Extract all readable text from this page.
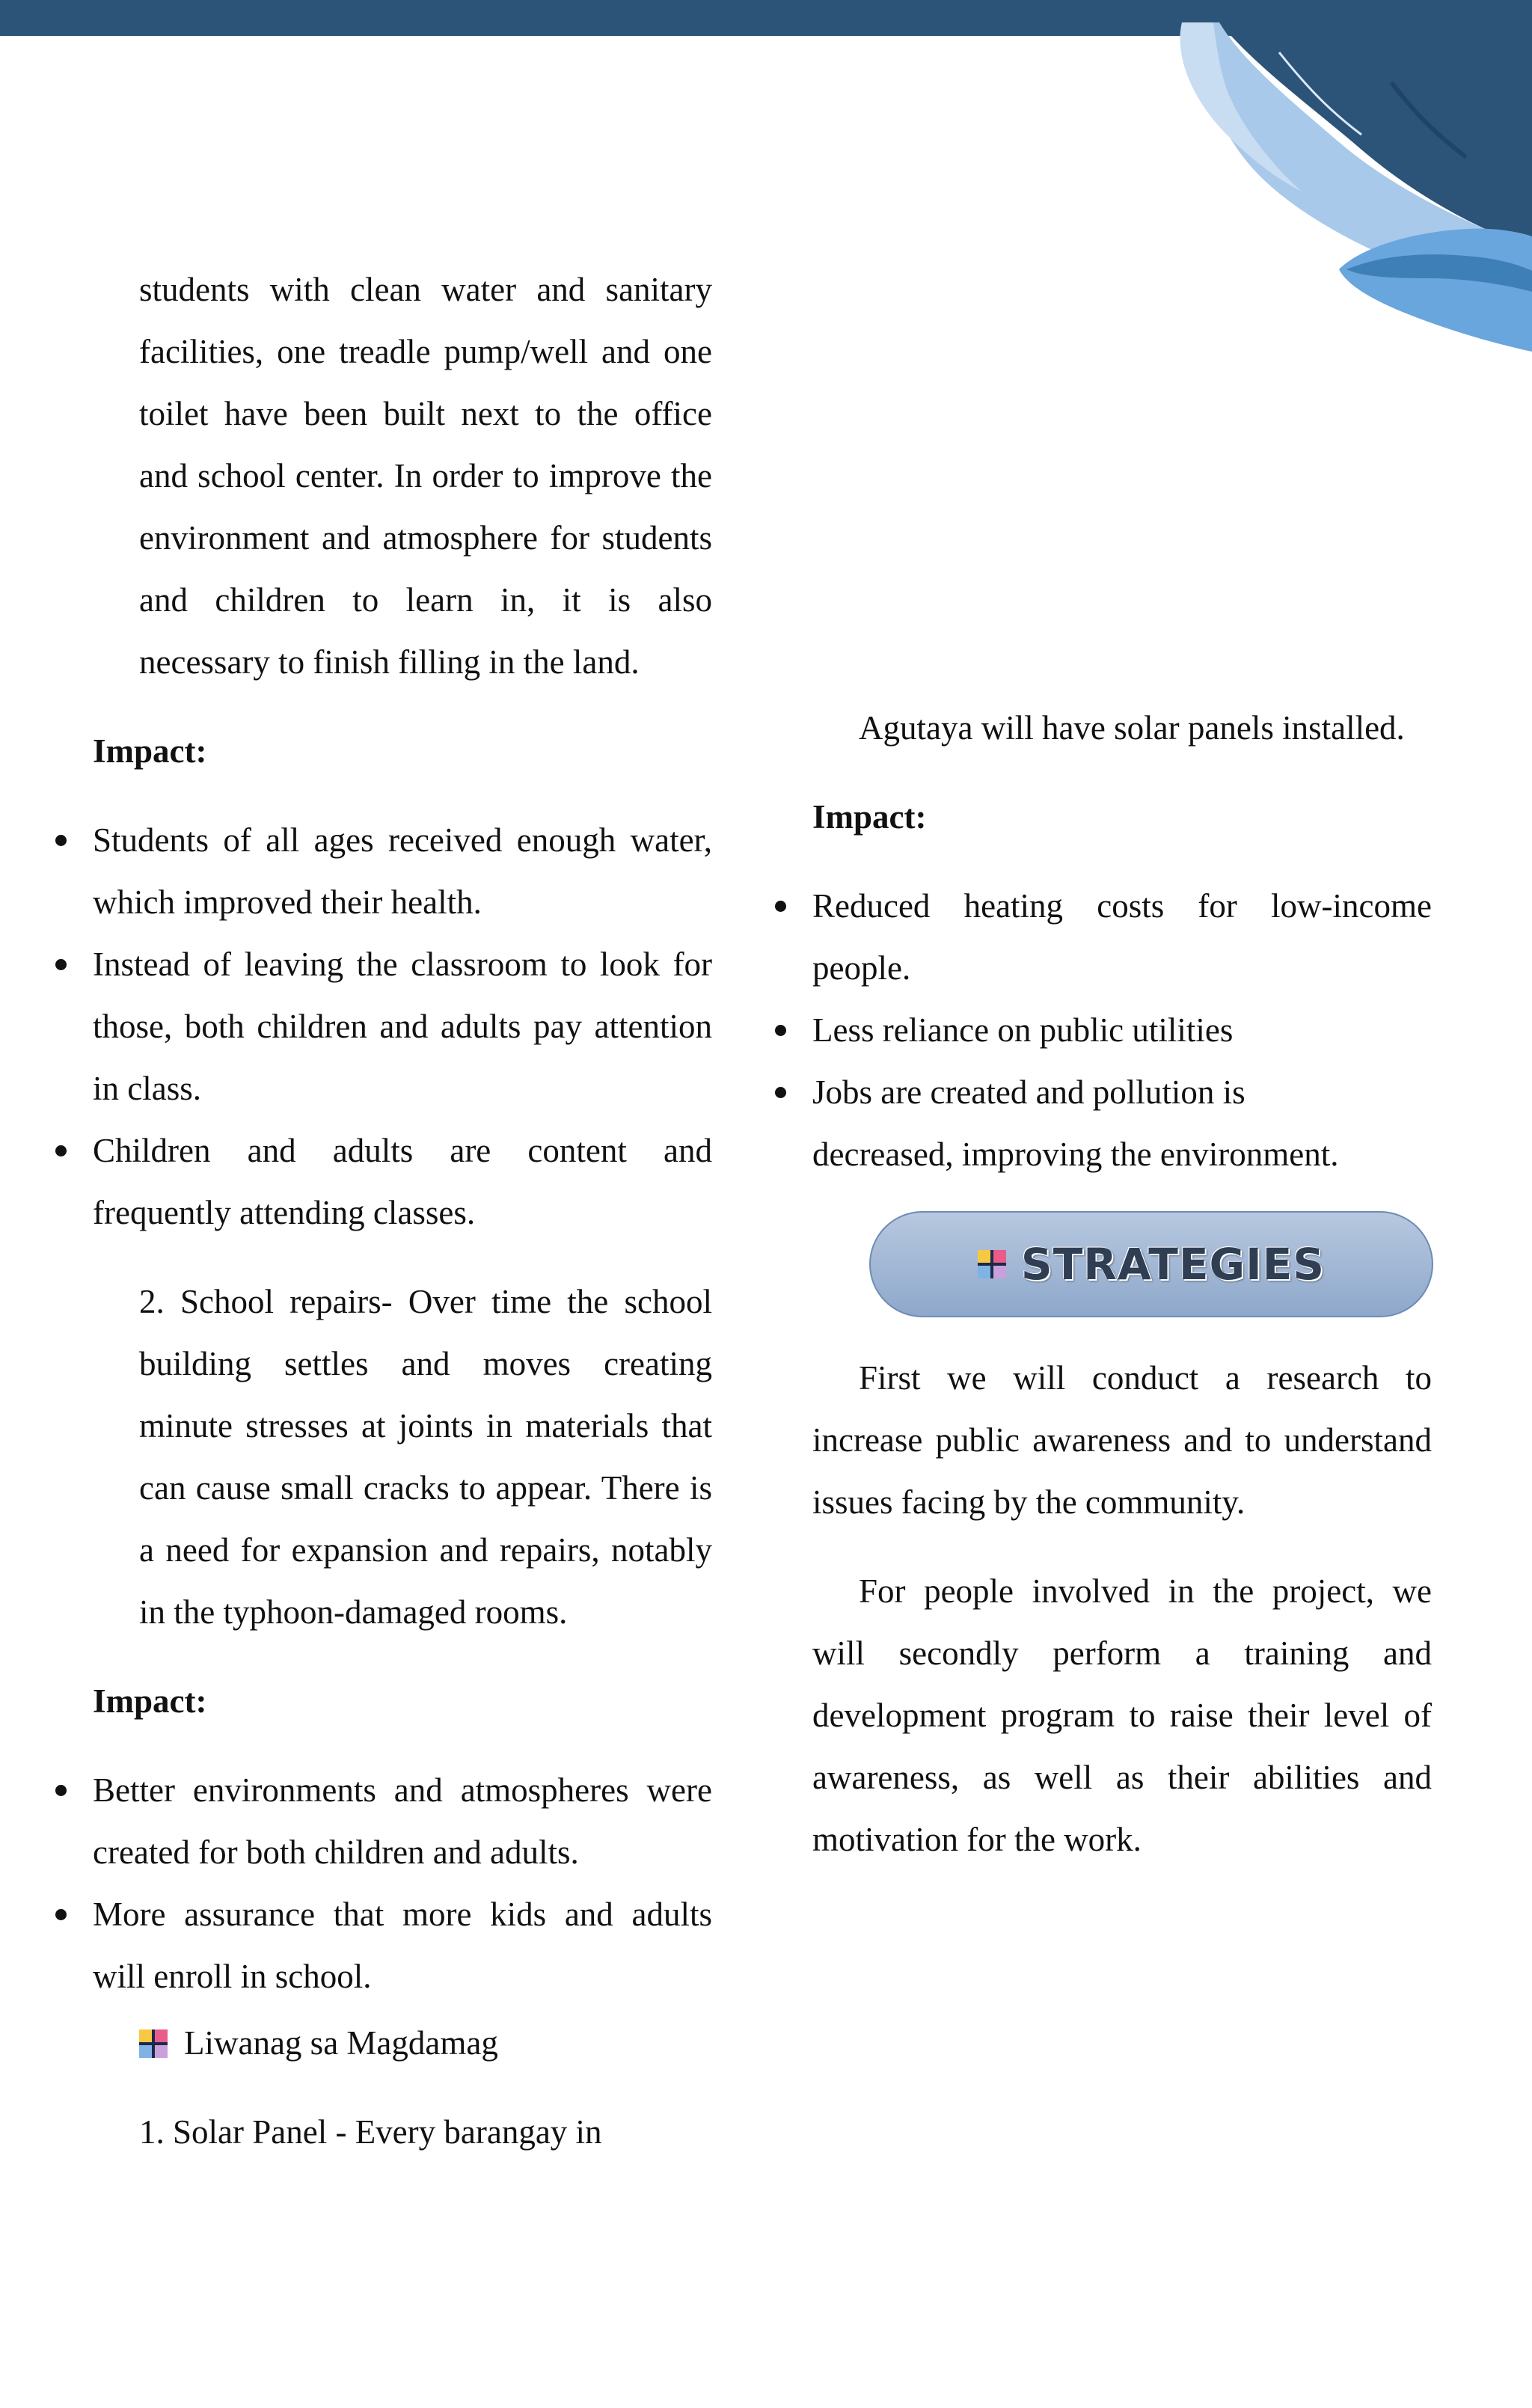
students with clean water and sanitary facilities, one treadle pump/well and one toilet have been built next to the office and school center. In order to improve the environment and atmosphere for students and children to learn in, it is also necessary to finish filling in the land.

Impact:
Students of all ages received enough water, which improved their health.
Instead of leaving the classroom to look for those, both children and adults pay attention in class.
Children and adults are content and frequently attending classes.

2. School repairs- Over time the school building settles and moves creating minute stresses at joints in materials that can cause small cracks to appear. There is a need for expansion and repairs, notably in the typhoon-damaged rooms.

Impact:
Better environments and atmospheres were created for both children and adults.
More assurance that more kids and adults will enroll in school.
Liwanag sa Magdamag

1. Solar Panel - Every barangay in

Agutaya will have solar panels installed.

Impact:
Reduced heating costs for low-income people.
Less reliance on public utilities
Jobs are created and pollution is decreased, improving the environment.
STRATEGIES

First we will conduct a research to increase public awareness and to understand issues facing by the community.

For people involved in the project, we will secondly perform a training and development program to raise their level of awareness, as well as their abilities and motivation for the work.
